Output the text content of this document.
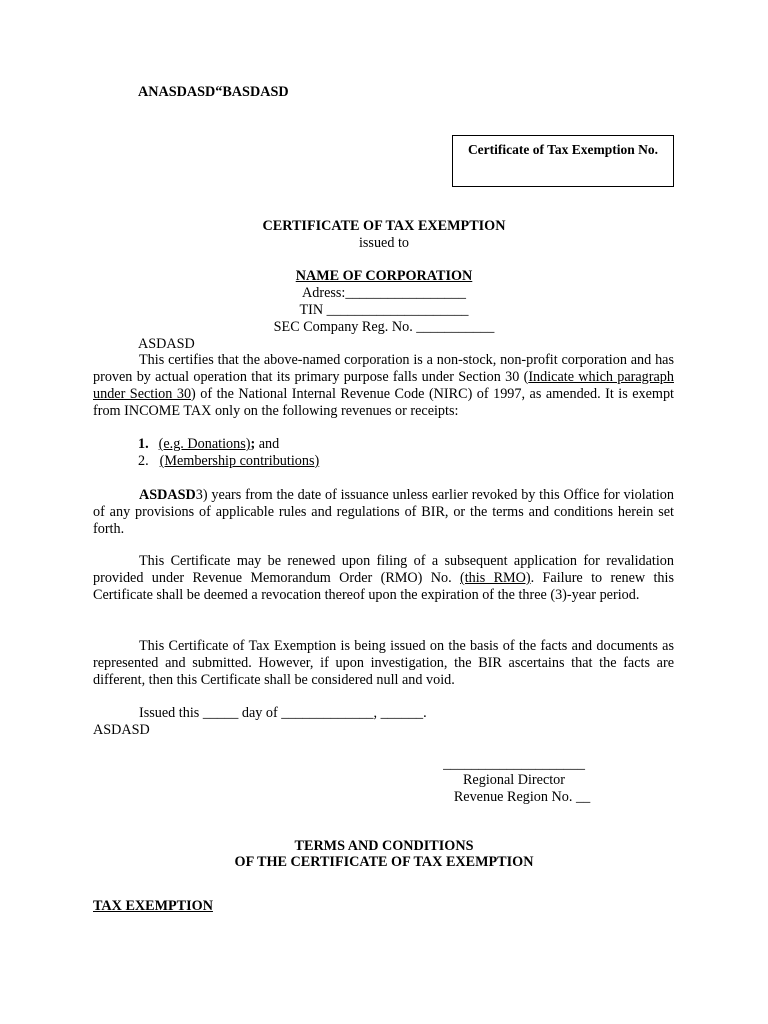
ANASDASD“BASDASD
Certificate of Tax Exemption No.
CERTIFICATE OF TAX EXEMPTION
issued to
NAME OF CORPORATION
Adress:_________________
TIN ____________________
SEC Company Reg. No. ___________
ASDASD
This certifies that the above-named corporation is a non-stock, non-profit corporation and has proven by actual operation that its primary purpose falls under Section 30 (Indicate which paragraph under Section 30) of the National Internal Revenue Code (NIRC) of 1997, as amended. It is exempt from INCOME TAX only on the following revenues or receipts:
1. (e.g. Donations); and
2. (Membership contributions)
ASDASD3) years from the date of issuance unless earlier revoked by this Office for violation of any provisions of applicable rules and regulations of BIR, or the terms and conditions herein set forth.
This Certificate may be renewed upon filing of a subsequent application for revalidation provided under Revenue Memorandum Order (RMO) No. (this RMO). Failure to renew this Certificate shall be deemed a revocation thereof upon the expiration of the three (3)-year period.
This Certificate of Tax Exemption is being issued on the basis of the facts and documents as represented and submitted. However, if upon investigation, the BIR ascertains that the facts are different, then this Certificate shall be considered null and void.
Issued this _____ day of _____________, ______.
ASDASD
____________________
Regional Director
Revenue Region No. __
TERMS AND CONDITIONS
OF THE CERTIFICATE OF TAX EXEMPTION
TAX EXEMPTION
